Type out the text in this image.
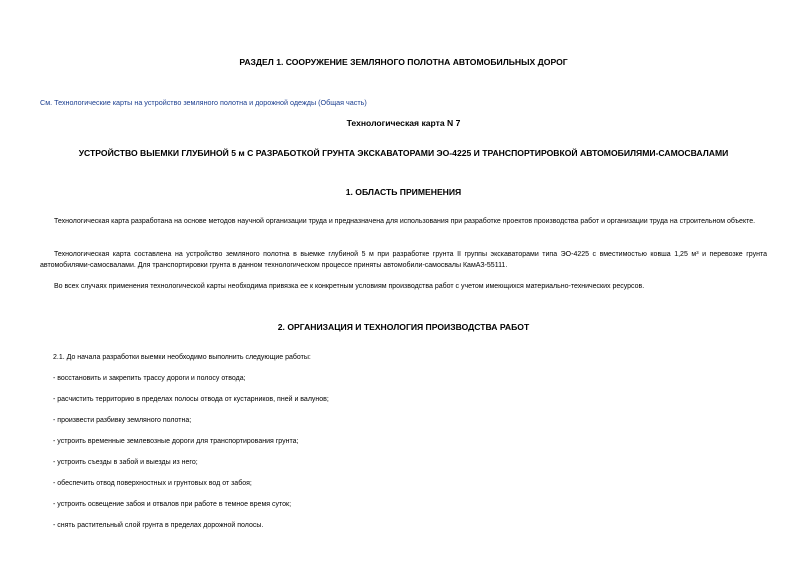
РАЗДЕЛ 1. СООРУЖЕНИЕ ЗЕМЛЯНОГО ПОЛОТНА АВТОМОБИЛЬНЫХ ДОРОГ
См. Технологические карты на устройство земляного полотна и дорожной одежды (Общая часть)
Технологическая карта N 7
УСТРОЙСТВО ВЫЕМКИ ГЛУБИНОЙ 5 м С РАЗРАБОТКОЙ ГРУНТА ЭКСКАВАТОРАМИ ЭО-4225 И ТРАНСПОРТИРОВКОЙ АВТОМОБИЛЯМИ-САМОСВАЛАМИ
1. ОБЛАСТЬ ПРИМЕНЕНИЯ

Технологическая карта разработана на основе методов научной организации труда и предназначена для использования при разработке проектов производства работ и организации труда на строительном объекте.

Технологическая карта составлена на устройство земляного полотна в выемке глубиной 5 м при разработке грунта II группы экскаваторами типа ЭО-4225 с вместимостью ковша 1,25 м³ и перевозке грунта автомобилями-самосвалами. Для транспортировки грунта в данном технологическом процессе приняты автомобили-самосвалы КамАЗ-55111.

Во всех случаях применения технологической карты необходима привязка ее к конкретным условиям производства работ с учетом имеющихся материально-технических ресурсов.

2. ОРГАНИЗАЦИЯ И ТЕХНОЛОГИЯ ПРОИЗВОДСТВА РАБОТ

2.1. До начала разработки выемки необходимо выполнить следующие работы:

- восстановить и закрепить трассу дороги и полосу отвода;

- расчистить территорию в пределах полосы отвода от кустарников, пней и валунов;

- произвести разбивку земляного полотна;

- устроить временные землевозные дороги для транспортирования грунта;

- устроить съезды в забой и выезды из него;

- обеспечить отвод поверхностных и грунтовых вод от забоя;

- устроить освещение забоя и отвалов при работе в темное время суток;

- снять растительный слой грунта в пределах дорожной полосы.
